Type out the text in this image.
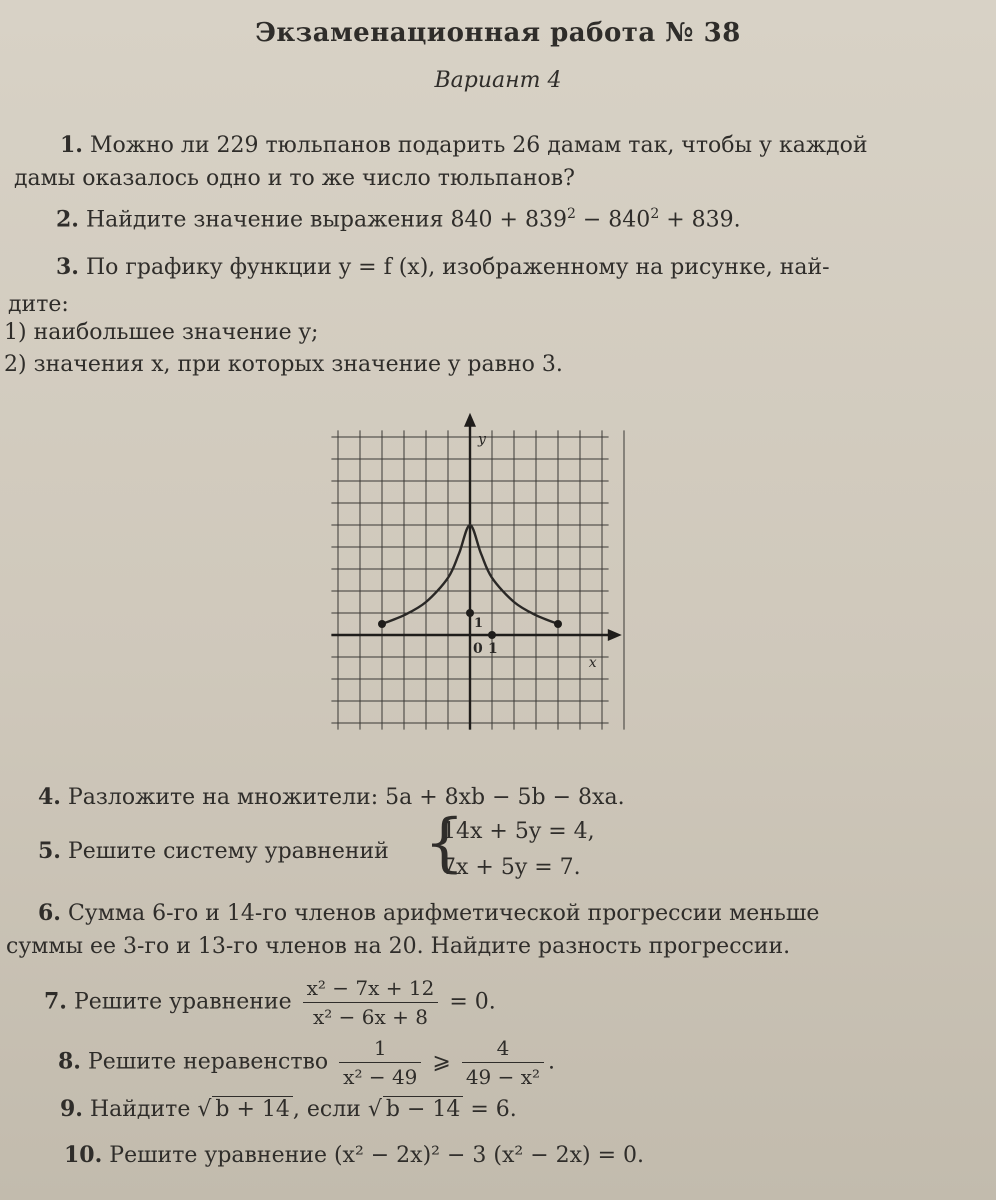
Экзаменационная работа № 38
Вариант 4
1. Можно ли 229 тюльпанов подарить 26 дамам так, чтобы у каждой
дамы оказалось одно и то же число тюльпанов?
2. Найдите значение выражения $840 + 839^2 - 840^2 + 839$.
3. По графику функции y = f (x), изображенному на рисунке, най-
дите:
1) наибольшее значение y;
2) значения x, при которых значение y равно 3.
y
x
0 1
1
4. Разложите на множители: 5a + 8xb − 5b − 8xa.
5. Решите систему уравнений {
14x + 5y = 4,
7x + 5y = 7.
6. Сумма 6-го и 14-го членов арифметической прогрессии меньше
суммы ее 3-го и 13-го членов на 20. Найдите разность прогрессии.
7. Решите уравнение $\frac{\text{x² − 7x + 12}}{\text{x² − 6x + 8}} = 0$.
8. Решите неравенство $\frac{1}{\text{x² − 49}}$ ⩾ $\frac{4}{\text{49 − x²}}$ .
9. Найдите √ b + 14 , если √ b − 14 = 6.
10. Решите уравнение (x² − 2x)² − 3 (x² − 2x) = 0.
